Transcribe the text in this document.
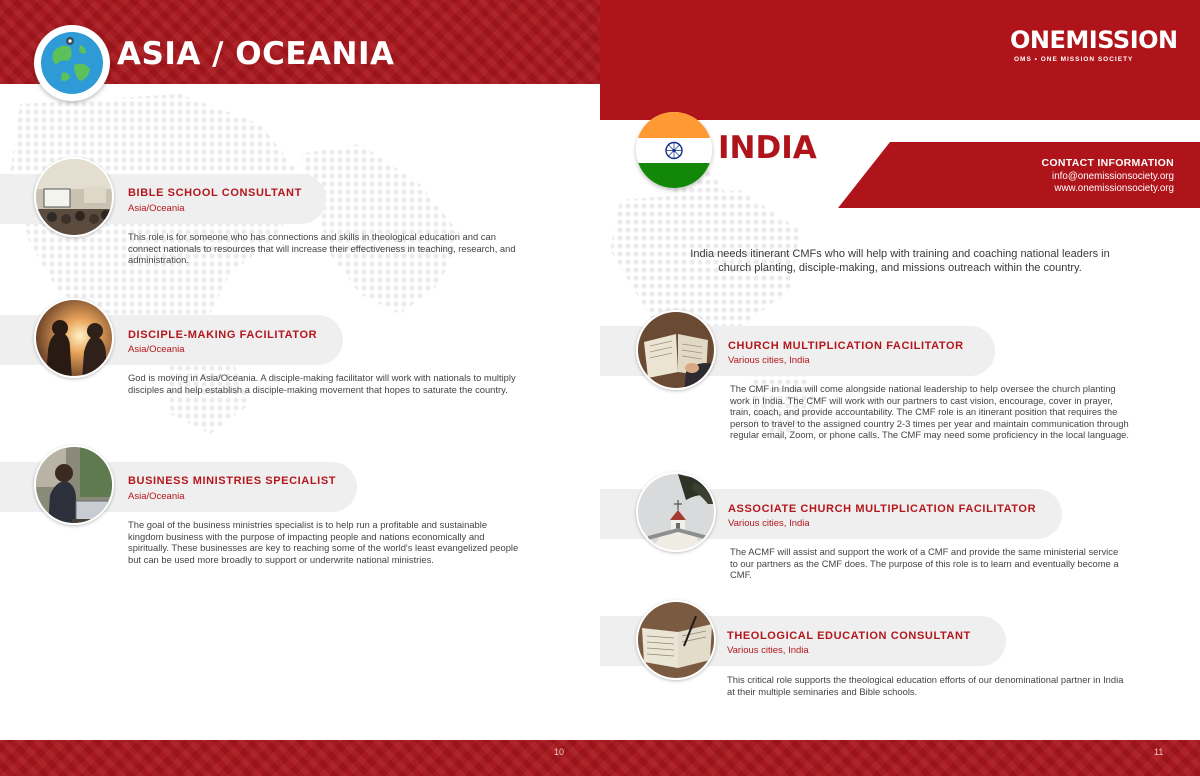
ASIA / OCEANIA
BIBLE SCHOOL CONSULTANT
Asia/Oceania
This role is for someone who has connections and skills in theological education and can connect nationals to resources that will increase their effectiveness in teaching, research, and administration.
DISCIPLE-MAKING FACILITATOR
Asia/Oceania
God is moving in Asia/Oceania. A disciple-making facilitator will work with nationals to multiply disciples and help establish a disciple-making movement that hopes to saturate the country.
BUSINESS MINISTRIES SPECIALIST
Asia/Oceania
The goal of the business ministries specialist is to help run a profitable and sustainable kingdom business with the purpose of impacting people and nations economically and spiritually. These businesses are key to reaching some of the world's least evangelized people but can be used more broadly to support or underwrite national ministries.
ONEMISSION
OMS • ONE MISSION SOCIETY
INDIA	CONTACT INFORMATION
info@onemissionsociety.org
www.onemissionsociety.org
India needs itinerant CMFs who will help with training and coaching national leaders in church planting, disciple-making, and missions outreach within the country.
CHURCH MULTIPLICATION FACILITATOR
Various cities, India
The CMF in India will come alongside national leadership to help oversee the church planting work in India. The CMF will work with our partners to cast vision, encourage, cover in prayer, train, coach, and provide accountability. The CMF role is an itinerant position that requires the person to travel to the assigned country 2-3 times per year and maintain communication through regular email, Zoom, or phone calls. The CMF may need some proficiency in the local language.
ASSOCIATE CHURCH MULTIPLICATION FACILITATOR
Various cities, India
The ACMF will assist and support the work of a CMF and provide the same ministerial service to our partners as the CMF does. The purpose of this role is to learn and eventually become a CMF.
THEOLOGICAL EDUCATION CONSULTANT
Various cities, India
This critical role supports the theological education efforts of our denominational partner in India at their multiple seminaries and Bible schools.
10	11
